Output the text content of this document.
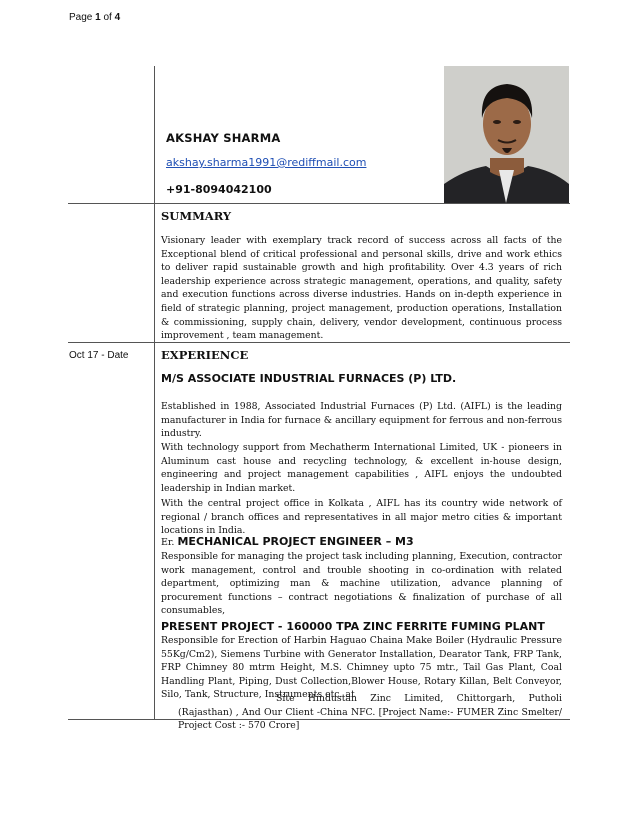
Page 1 of 4
AKSHAY SHARMA
akshay.sharma1991@rediffmail.com
+91-8094042100
SUMMARY

Visionary leader with exemplary track record of success across all facts of the Exceptional blend of critical professional and personal skills, drive and work ethics to deliver rapid sustainable growth and high profitability. Over 4.3 years of rich leadership experience across strategic management, operations, and quality, safety and execution functions across diverse industries. Hands on in-depth experience in field of strategic planning, project management, production operations, Installation & commissioning, supply chain, delivery, vendor development, continuous process improvement , team management.

Oct 17 - Date	EXPERIENCE
M/S ASSOCIATE INDUSTRIAL FURNACES (P) LTD.

Established in 1988, Associated Industrial Furnaces (P) Ltd. (AIFL) is the leading manufacturer in India for furnace & ancillary equipment for ferrous and non-ferrous industry.

With technology support from Mechatherm International Limited, UK - pioneers in Aluminum cast house and recycling technology, & excellent in-house design, engineering and project management capabilities , AIFL enjoys the undoubted leadership in Indian market.

With the central project office in Kolkata , AIFL has its country wide network of regional / branch offices and representatives in all major metro cities & important locations in India.

Er. MECHANICAL PROJECT ENGINEER – M3

Responsible for managing the project task including planning, Execution, contractor work management, control and trouble shooting in co-ordination with related department, optimizing man & machine utilization, advance planning of procurement functions – contract negotiations & finalization of purchase of all consumables,

PRESENT PROJECT - 160000 TPA ZINC FERRITE FUMING PLANT

Responsible for Erection of Harbin Haguao Chaina Make Boiler (Hydraulic Pressure 55Kg/Cm2), Siemens Turbine with Generator Installation, Dearator Tank, FRP Tank, FRP Chimney 80 mtrm Height, M.S. Chimney upto 75 mtr., Tail Gas Plant, Coal Handling Plant, Piping, Dust Collection,Blower House, Rotary Killan, Belt Conveyor, Silo, Tank, Structure, Instruments etc. at

Site Hindustan Zinc Limited, Chittorgarh, Putholi (Rajasthan) , And Our Client -China NFC. [Project Name:- FUMER Zinc Smelter/ Project Cost :- 570 Crore]
